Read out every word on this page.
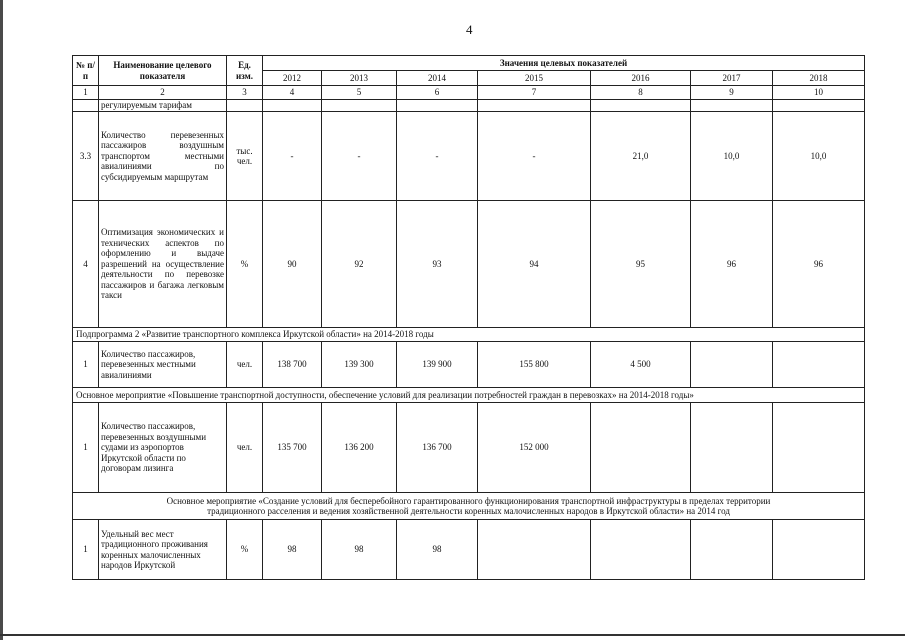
4
№ п/п	Наименование целевого показателя	Ед. изм.	Значения целевых показателей						
			2012	2013	2014	2015	2016	2017	2018
1	2	3	4	5	6	7	8	9	10
	регулируемым тарифам								
3.3	Количество перевезенных пассажиров воздушным транспортом местными авиалиниями по субсидируемым маршрутам	тыс. чел.	-	-	-	-	21,0	10,0	10,0
4	Оптимизация экономических и технических аспектов по оформлению и выдаче разрешений на осуществление деятельности по перевозке пассажиров и багажа легковым такси	%	90	92	93	94	95	96	96
Подпрограмма 2 «Развитие транспортного комплекса Иркутской области» на 2014-2018 годы									
1	Количество пассажиров, перевезенных местными авиалиниями	чел.	138 700	139 300	139 900	155 800	4 500		
Основное мероприятие «Повышение транспортной доступности, обеспечение условий для реализации потребностей граждан в перевозках» на 2014-2018 годы»									
1	Количество пассажиров, перевезенных воздушными судами из аэропортов Иркутской области по договорам лизинга	чел.	135 700	136 200	136 700	152 000			

Основное мероприятие «Создание условий для бесперебойного гарантированного функционирования транспортной инфраструктуры в пределах территории
традиционного расселения и ведения хозяйственной деятельности коренных малочисленных народов в Иркутской области» на 2014 год									

1	Удельный вес мест традиционного проживания коренных малочисленных народов Иркутской	%	98	98	98				
